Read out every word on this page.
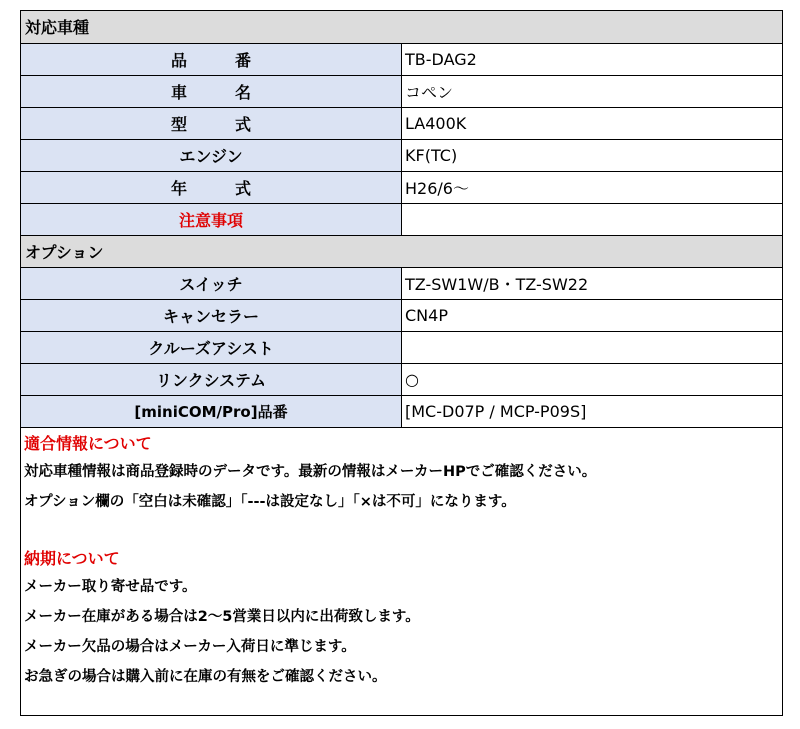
対応車種	
品　番	TB-DAG2
車　名	コペン
型　式	LA400K
エンジン	KF(TC)
年　式	H26/6～
注意事項	
オプション	
スイッチ	TZ-SW1W/B・TZ-SW22
キャンセラー	CN4P
クルーズアシスト	
リンクシステム	○
[miniCOM/Pro]品番	[MC-D07P / MCP-P09S]
適合情報について
対応車種情報は商品登録時のデータです。最新の情報はメーカーHPでご確認ください。
オプション欄の「空白は未確認」「---は設定なし」「×は不可」になります。
納期について
メーカー取り寄せ品です。
メーカー在庫がある場合は2～5営業日以内に出荷致します。
メーカー欠品の場合はメーカー入荷日に準じます。
お急ぎの場合は購入前に在庫の有無をご確認ください。
